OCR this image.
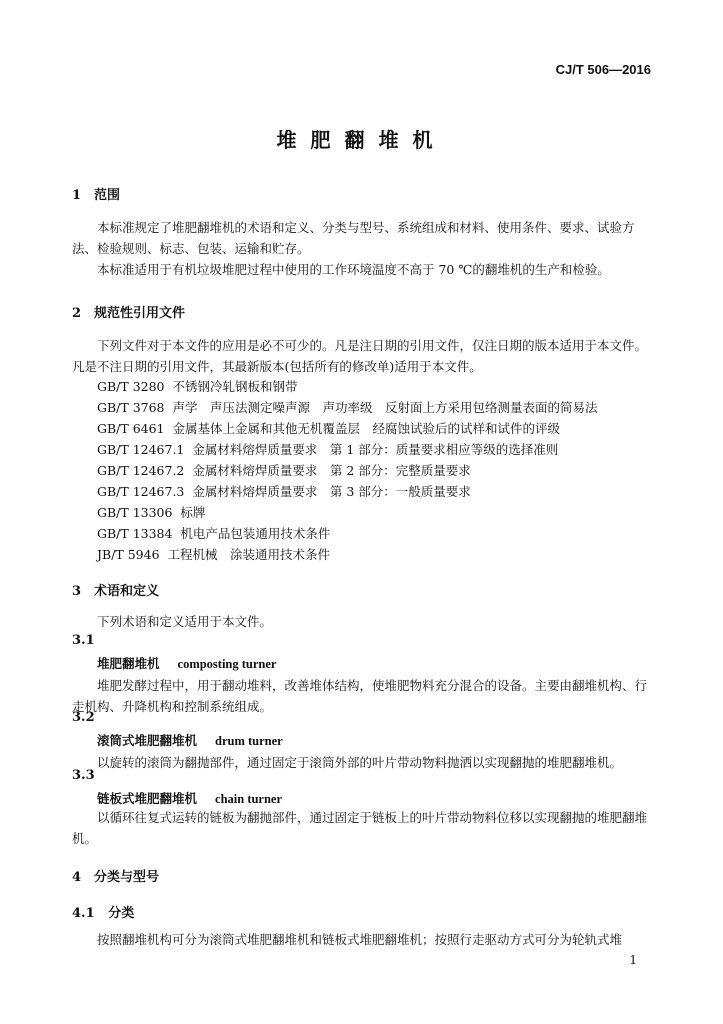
CJ/T 506—2016
堆肥翻堆机
1 范围
本标准规定了堆肥翻堆机的术语和定义、分类与型号、系统组成和材料、使用条件、要求、试验方法、检验规则、标志、包装、运输和贮存。
本标准适用于有机垃圾堆肥过程中使用的工作环境温度不高于 70 ℃的翻堆机的生产和检验。
2 规范性引用文件
下列文件对于本文件的应用是必不可少的。凡是注日期的引用文件，仅注日期的版本适用于本文件。凡是不注日期的引用文件，其最新版本(包括所有的修改单)适用于本文件。
GB/T 3280 不锈钢冷轧钢板和钢带
GB/T 3768 声学　声压法测定噪声源　声功率级　反射面上方采用包络测量表面的简易法
GB/T 6461 金属基体上金属和其他无机覆盖层　经腐蚀试验后的试样和试件的评级
GB/T 12467.1 金属材料熔焊质量要求　第 1 部分：质量要求相应等级的选择准则
GB/T 12467.2 金属材料熔焊质量要求　第 2 部分：完整质量要求
GB/T 12467.3 金属材料熔焊质量要求　第 3 部分：一般质量要求
GB/T 13306 标牌
GB/T 13384 机电产品包装通用技术条件
JB/T 5946 工程机械　涂装通用技术条件
3 术语和定义
下列术语和定义适用于本文件。
3.1
堆肥翻堆机 composting turner
堆肥发酵过程中，用于翻动堆料，改善堆体结构，使堆肥物料充分混合的设备。主要由翻堆机构、行走机构、升降机构和控制系统组成。
3.2
滚筒式堆肥翻堆机 drum turner
以旋转的滚筒为翻抛部件，通过固定于滚筒外部的叶片带动物料抛洒以实现翻抛的堆肥翻堆机。
3.3
链板式堆肥翻堆机 chain turner
以循环往复式运转的链板为翻抛部件，通过固定于链板上的叶片带动物料位移以实现翻抛的堆肥翻堆机。
4 分类与型号
4.1 分类
按照翻堆机构可分为滚筒式堆肥翻堆机和链板式堆肥翻堆机；按照行走驱动方式可分为轮轨式堆
1
